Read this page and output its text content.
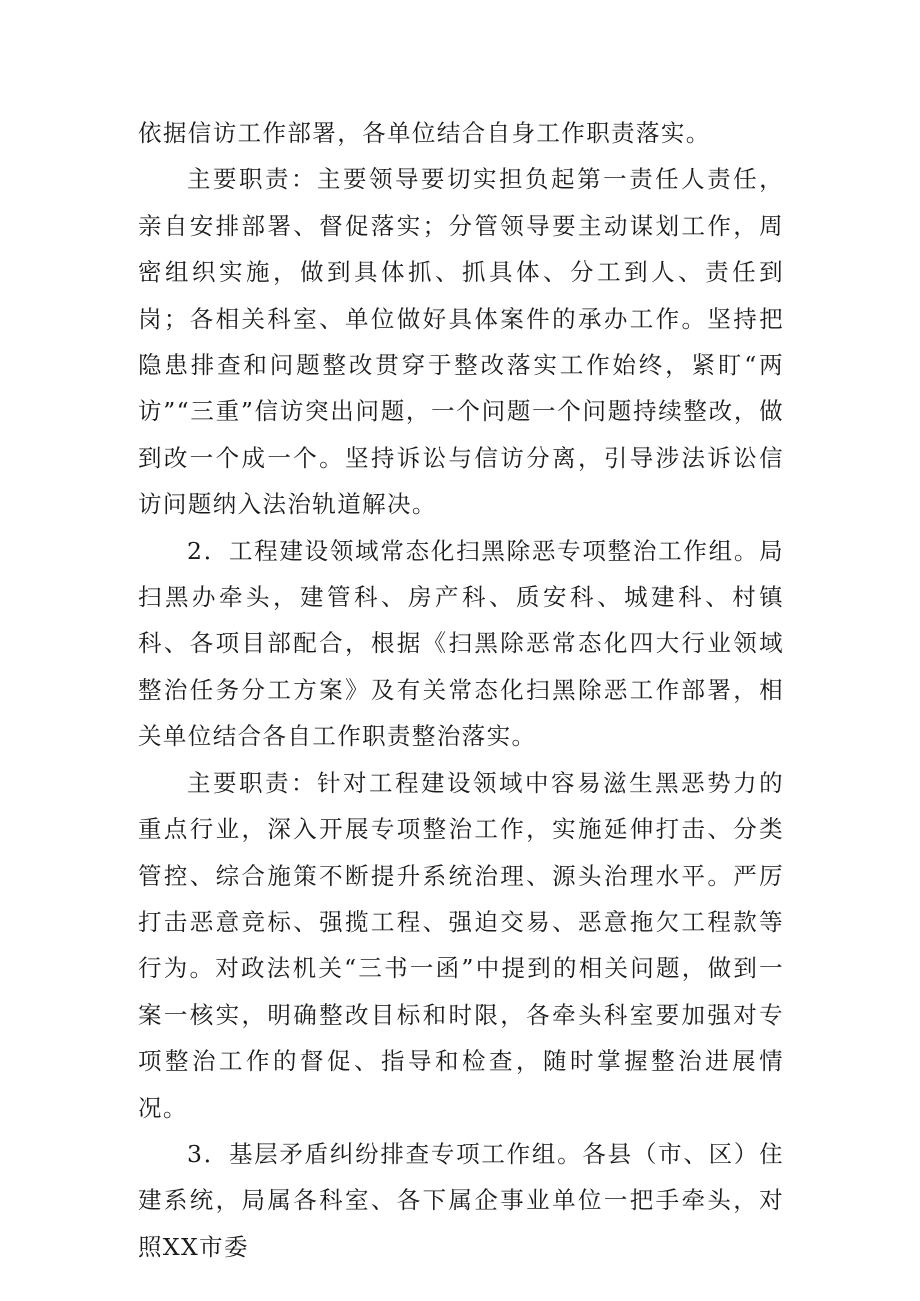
依据信访工作部署，各单位结合自身工作职责落实。

主要职责：主要领导要切实担负起第一责任人责任，亲自安排部署、督促落实；分管领导要主动谋划工作，周密组织实施，做到具体抓、抓具体、分工到人、责任到岗；各相关科室、单位做好具体案件的承办工作。坚持把隐患排查和问题整改贯穿于整改落实工作始终，紧盯“两访”“三重”信访突出问题，一个问题一个问题持续整改，做到改一个成一个。坚持诉讼与信访分离，引导涉法诉讼信访问题纳入法治轨道解决。

2．工程建设领域常态化扫黑除恶专项整治工作组。局扫黑办牵头，建管科、房产科、质安科、城建科、村镇科、各项目部配合，根据《扫黑除恶常态化四大行业领域整治任务分工方案》及有关常态化扫黑除恶工作部署，相关单位结合各自工作职责整治落实。

主要职责：针对工程建设领域中容易滋生黑恶势力的重点行业，深入开展专项整治工作，实施延伸打击、分类管控、综合施策不断提升系统治理、源头治理水平。严厉打击恶意竞标、强揽工程、强迫交易、恶意拖欠工程款等行为。对政法机关“三书一函”中提到的相关问题，做到一案一核实，明确整改目标和时限，各牵头科室要加强对专项整治工作的督促、指导和检查，随时掌握整治进展情况。

3．基层矛盾纠纷排查专项工作组。各县（市、区）住建系统，局属各科室、各下属企事业单位一把手牵头，对照XX市委
